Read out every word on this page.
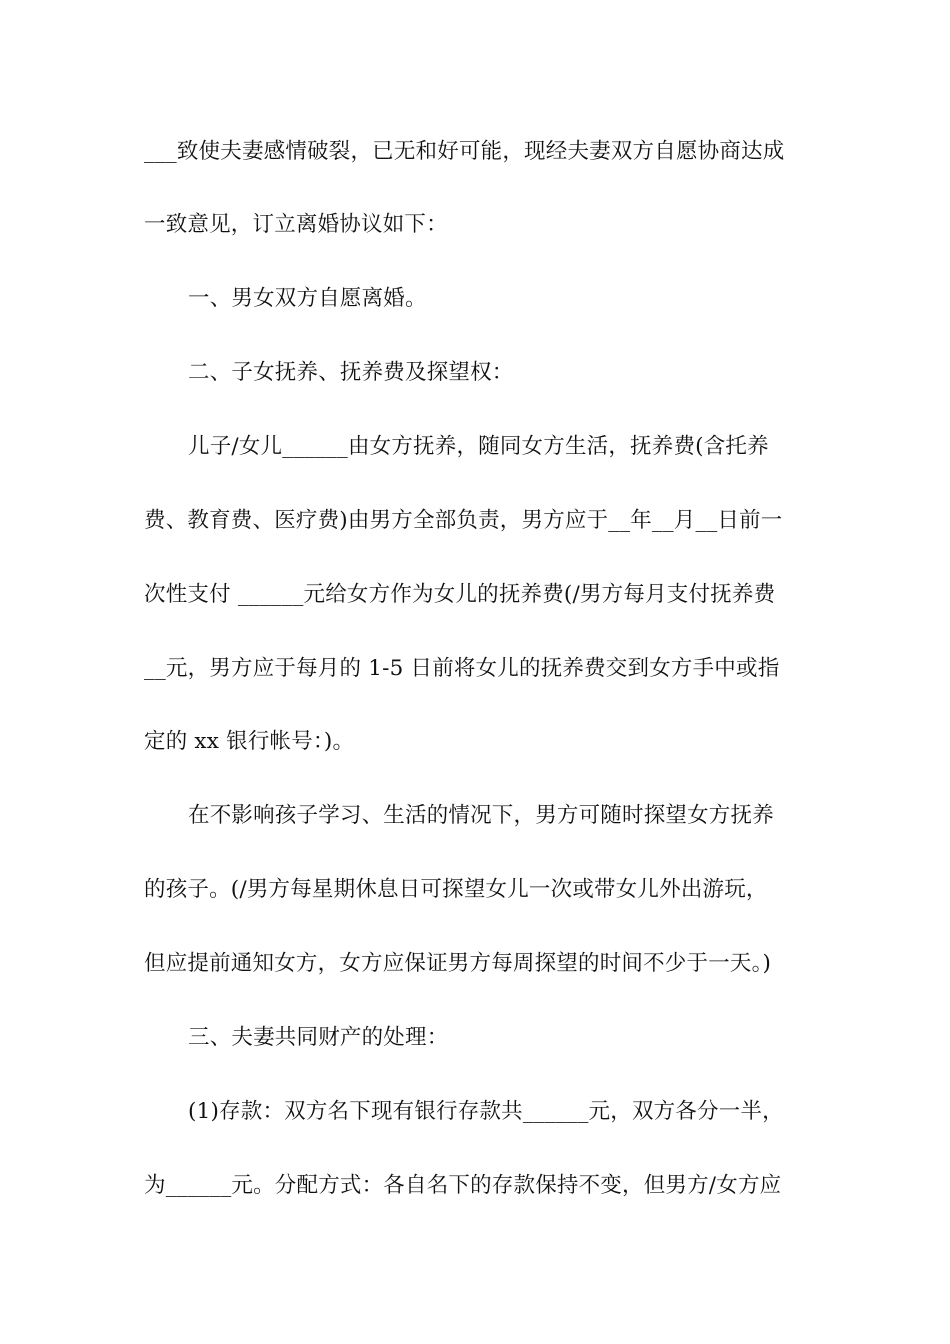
___致使夫妻感情破裂，已无和好可能，现经夫妻双方自愿协商达成
一致意见，订立离婚协议如下：
一、男女双方自愿离婚。
二、子女抚养、抚养费及探望权：
儿子/女儿______由女方抚养，随同女方生活，抚养费(含托养
费、教育费、医疗费)由男方全部负责，男方应于__年__月__日前一
次性支付 ______元给女方作为女儿的抚养费(/男方每月支付抚养费
__元，男方应于每月的 1-5 日前将女儿的抚养费交到女方手中或指
定的 xx 银行帐号：)。
在不影响孩子学习、生活的情况下，男方可随时探望女方抚养
的孩子。(/男方每星期休息日可探望女儿一次或带女儿外出游玩，
但应提前通知女方，女方应保证男方每周探望的时间不少于一天。)
三、夫妻共同财产的处理：
(1)存款：双方名下现有银行存款共______元，双方各分一半，
为______元。分配方式：各自名下的存款保持不变，但男方/女方应
